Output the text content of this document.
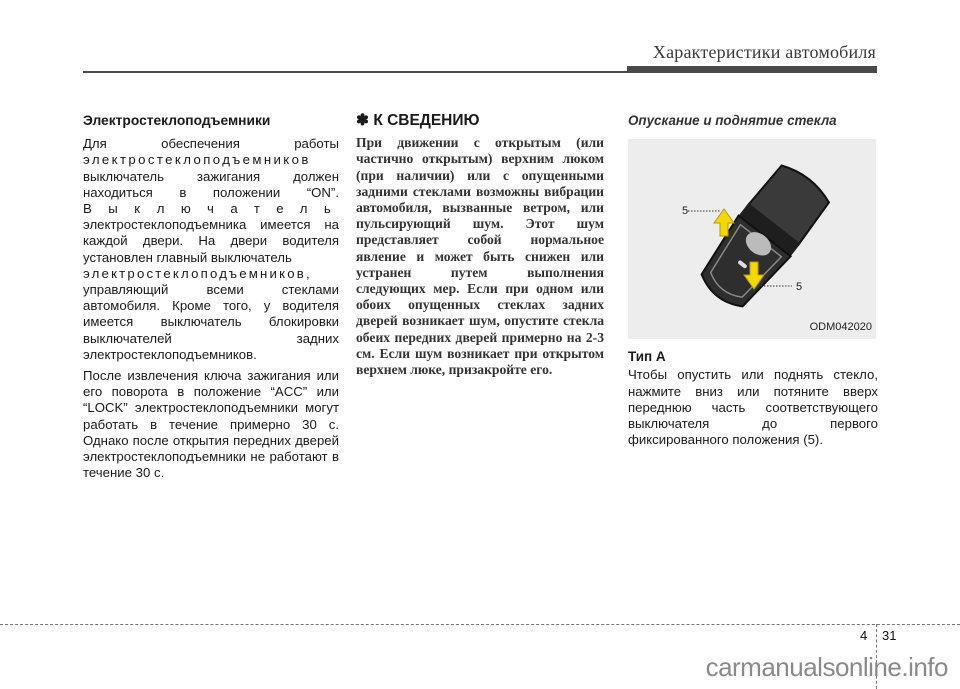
Характеристики автомобиля
Электростеклоподъемники
Для обеспечения работы
электростеклоподъемников
выключатель зажигания должен
находиться в положении “ON”.
Выключатель
электростеклоподъемника имеется на каждой двери. На двери водителя установлен главный выключатель
электростеклоподъемников,
управляющий всеми стеклами автомобиля. Кроме того, у водителя имеется выключатель блокировки выключателей задних электростеклоподъемников.
После извлечения ключа зажигания или его поворота в положение “ACC” или “LOCK” электростеклоподъемники могут работать в течение примерно 30 с. Однако после открытия передних дверей электростеклоподъемники не работают в течение 30 с.
✽ К СВЕДЕНИЮ

При движении с открытым (или частично открытым) верхним люком (при наличии) или с опущенными задними стеклами возможны вибрации автомобиля, вызванные ветром, или пульсирующий шум. Этот шум представляет собой нормальное явление и может быть снижен или устранен путем выполнения следующих мер. Если при одном или обоих опущенных стеклах задних дверей возникает шум, опустите стекла обеих передних дверей примерно на 2-3 см. Если шум возникает при открытом верхнем люке, призакройте его.

Опускание и поднятие стекла
5
5
ODM042020
Тип A
Чтобы опустить или поднять стекло, нажмите вниз или потяните вверх переднюю часть соответствующего выключателя до первого фиксированного положения (5).
4 31
carmanualsonline.info
